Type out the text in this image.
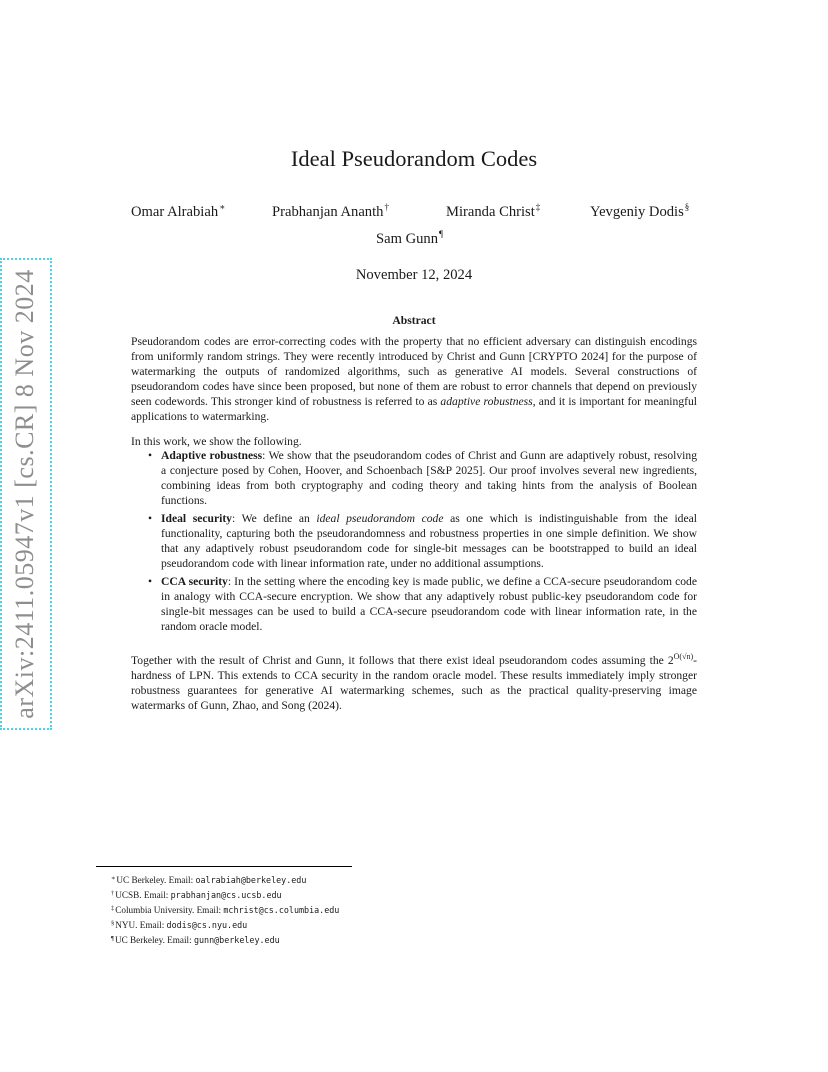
arXiv:2411.05947v1 [cs.CR] 8 Nov 2024
Ideal Pseudorandom Codes
Omar Alrabiah∗	Prabhanjan Ananth†	Miranda Christ‡	Yevgeniy Dodis§
Sam Gunn¶
November 12, 2024
Abstract

Pseudorandom codes are error-correcting codes with the property that no efficient adversary can distinguish encodings from uniformly random strings. They were recently introduced by Christ and Gunn [CRYPTO 2024] for the purpose of watermarking the outputs of randomized algorithms, such as generative AI models. Several constructions of pseudorandom codes have since been proposed, but none of them are robust to error channels that depend on previously seen codewords. This stronger kind of robustness is referred to as adaptive robustness, and it is important for meaningful applications to watermarking.

In this work, we show the following.

• Adaptive robustness: We show that the pseudorandom codes of Christ and Gunn are adaptively robust, resolving a conjecture posed by Cohen, Hoover, and Schoenbach [S&P 2025]. Our proof involves several new ingredients, combining ideas from both cryptography and coding theory and taking hints from the analysis of Boolean functions.
• Ideal security: We define an ideal pseudorandom code as one which is indistinguishable from the ideal functionality, capturing both the pseudorandomness and robustness properties in one simple definition. We show that any adaptively robust pseudorandom code for single-bit messages can be bootstrapped to build an ideal pseudorandom code with linear information rate, under no additional assumptions.
• CCA security: In the setting where the encoding key is made public, we define a CCA-secure pseudorandom code in analogy with CCA-secure encryption. We show that any adaptively robust public-key pseudorandom code for single-bit messages can be used to build a CCA-secure pseudorandom code with linear information rate, in the random oracle model.

Together with the result of Christ and Gunn, it follows that there exist ideal pseudorandom codes assuming the $2^{O(√n)}$-hardness of LPN. This extends to CCA security in the random oracle model. These results immediately imply stronger robustness guarantees for generative AI watermarking schemes, such as the practical quality-preserving image watermarks of Gunn, Zhao, and Song (2024).

∗UC Berkeley. Email: oalrabiah@berkeley.edu
†UCSB. Email: prabhanjan@cs.ucsb.edu
‡Columbia University. Email: mchrist@cs.columbia.edu
§NYU. Email: dodis@cs.nyu.edu
¶UC Berkeley. Email: gunn@berkeley.edu
